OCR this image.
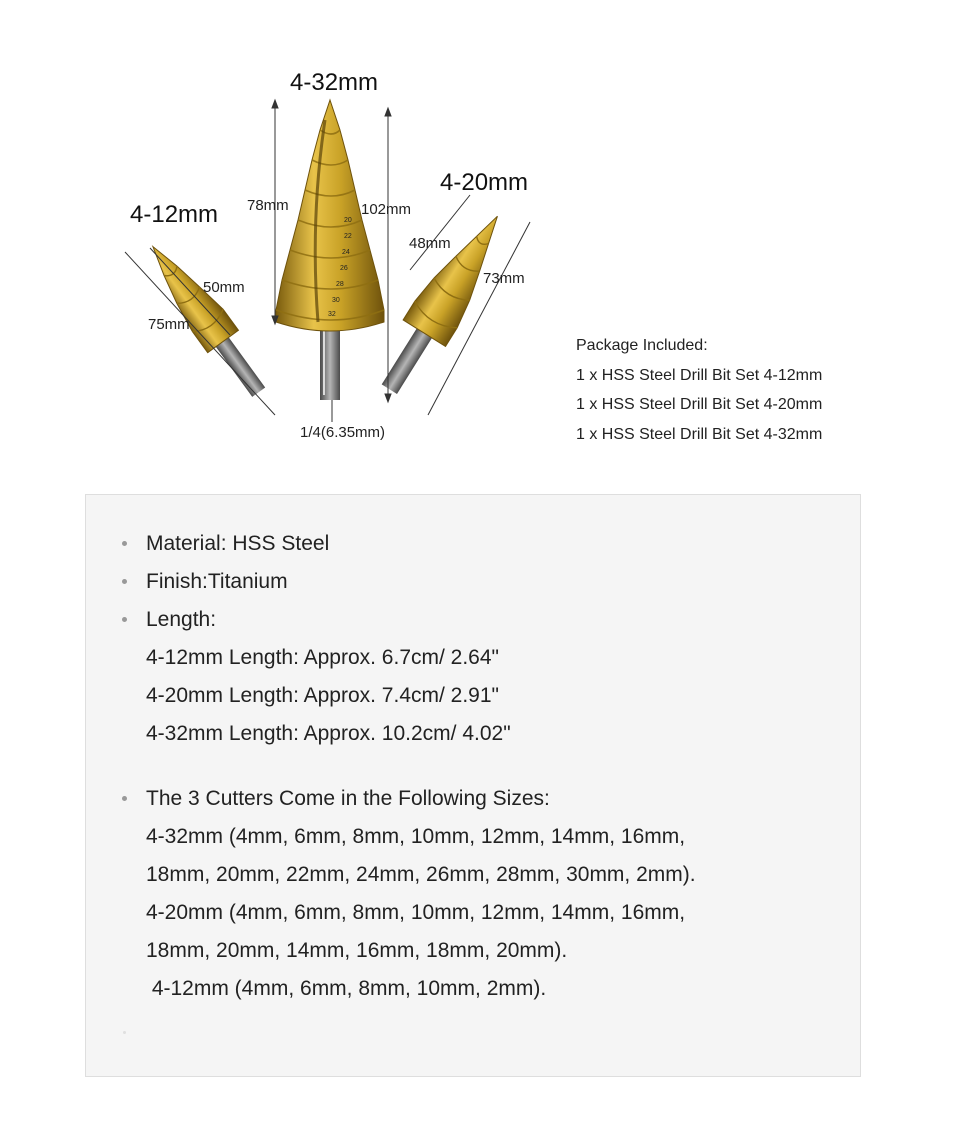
20
22
24
26
28
30
32
4-32mm
4-12mm
4-20mm
78mm	102mm
50mm
75mm
48mm
73mm
1/4(6.35mm)
Package Included:
1 x HSS Steel Drill Bit Set 4-12mm
1 x HSS Steel Drill Bit Set 4-20mm
1 x HSS Steel Drill Bit Set 4-32mm
Material: HSS Steel
Finish:Titanium
Length:
4-12mm Length: Approx. 6.7cm/ 2.64"
4-20mm Length: Approx. 7.4cm/ 2.91"
4-32mm Length: Approx. 10.2cm/ 4.02"
The 3 Cutters Come in the Following Sizes:
4-32mm (4mm, 6mm, 8mm, 10mm, 12mm, 14mm, 16mm,
18mm, 20mm, 22mm, 24mm, 26mm, 28mm, 30mm, 2mm).
4-20mm (4mm, 6mm, 8mm, 10mm, 12mm, 14mm, 16mm,
18mm, 20mm, 14mm, 16mm, 18mm, 20mm).
4-12mm (4mm, 6mm, 8mm, 10mm, 2mm).
